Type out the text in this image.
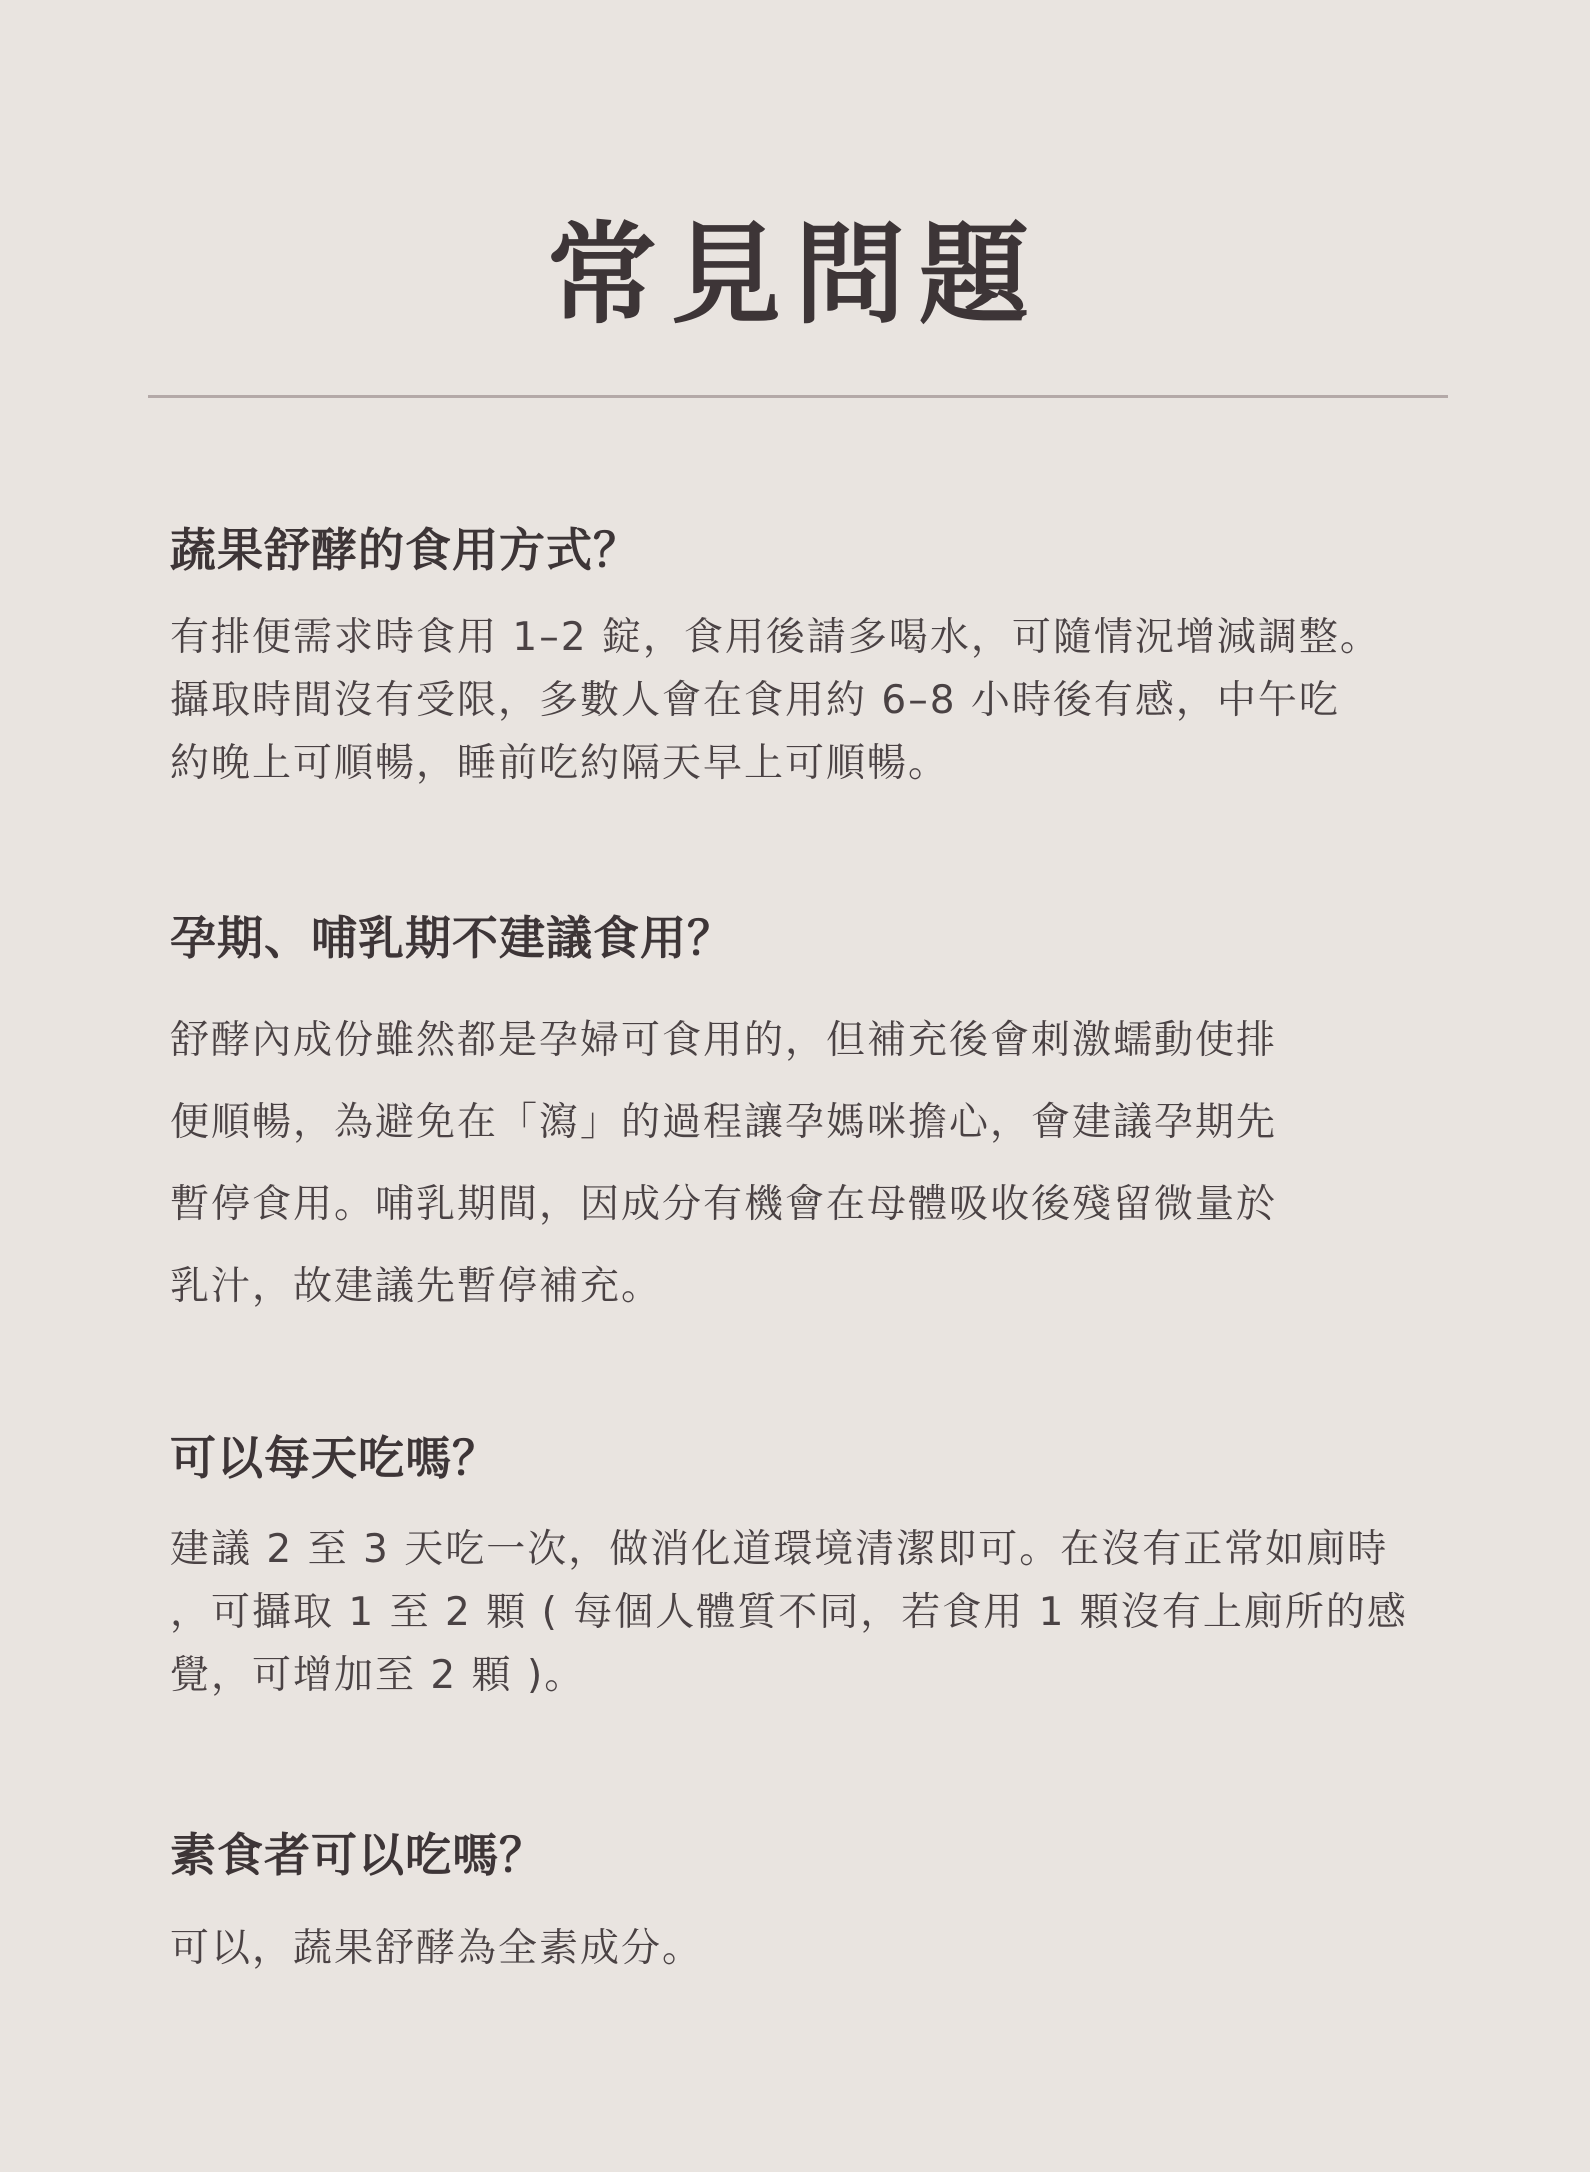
常見問題
蔬果舒酵的食用方式？

有排便需求時食用 1–2 錠，食用後請多喝水，可隨情況增減調整。
攝取時間沒有受限，多數人會在食用約 6–8 小時後有感，中午吃
約晚上可順暢，睡前吃約隔天早上可順暢。

孕期、哺乳期不建議食用？

舒酵內成份雖然都是孕婦可食用的，但補充後會刺激蠕動使排
便順暢，為避免在「瀉」的過程讓孕媽咪擔心，會建議孕期先
暫停食用。哺乳期間，因成分有機會在母體吸收後殘留微量於
乳汁，故建議先暫停補充。

可以每天吃嗎？

建議 2 至 3 天吃一次，做消化道環境清潔即可。在沒有正常如廁時
，可攝取 1 至 2 顆 ( 每個人體質不同，若食用 1 顆沒有上廁所的感
覺，可增加至 2 顆 )。

素食者可以吃嗎？

可以，蔬果舒酵為全素成分。
